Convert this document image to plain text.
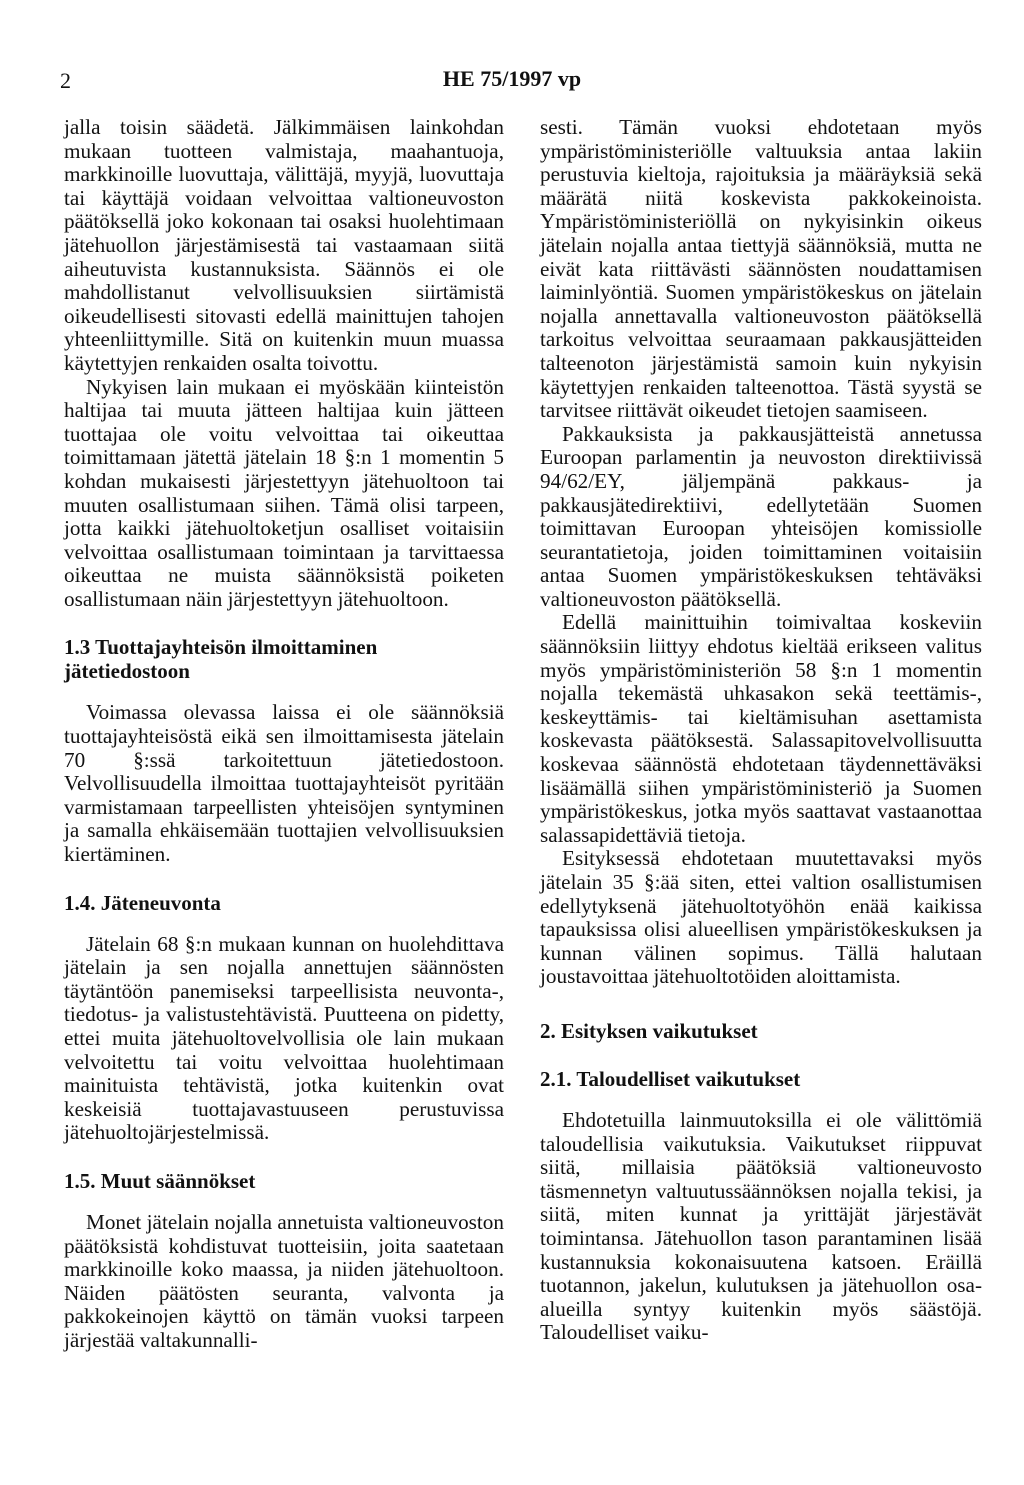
2	HE 75/1997 vp

jalla toisin säädetä. Jälkimmäisen lainkohdan mukaan tuotteen valmistaja, maahantuoja, markkinoille luovuttaja, välittäjä, myyjä, luovuttaja tai käyttäjä voidaan velvoittaa valtioneuvoston päätöksellä joko kokonaan tai osaksi huolehtimaan jätehuollon järjestämisestä tai vastaamaan siitä aiheutuvista kustannuksista. Säännös ei ole mahdollistanut velvollisuuksien siirtämistä oikeudellisesti sitovasti edellä mainittujen tahojen yhteenliittymille. Sitä on kuitenkin muun muassa käytettyjen renkaiden osalta toivottu.

Nykyisen lain mukaan ei myöskään kiinteistön haltijaa tai muuta jätteen haltijaa kuin jätteen tuottajaa ole voitu velvoittaa tai oikeuttaa toimittamaan jätettä jätelain 18 §:n 1 momentin 5 kohdan mukaisesti järjestettyyn jätehuoltoon tai muuten osallistumaan siihen. Tämä olisi tarpeen, jotta kaikki jätehuoltoketjun osalliset voitaisiin velvoittaa osallistumaan toimintaan ja tarvittaessa oikeuttaa ne muista säännöksistä poiketen osallistumaan näin järjestettyyn jätehuoltoon.

1.3 Tuottajayhteisön ilmoittaminen jätetiedostoon

Voimassa olevassa laissa ei ole säännöksiä tuottajayhteisöstä eikä sen ilmoittamisesta jätelain 70 §:ssä tarkoitettuun jätetiedostoon. Velvollisuudella ilmoittaa tuottajayhteisöt pyritään varmistamaan tarpeellisten yhteisöjen syntyminen ja samalla ehkäisemään tuottajien velvollisuuksien kiertäminen.

1.4. Jäteneuvonta

Jätelain 68 §:n mukaan kunnan on huolehdittava jätelain ja sen nojalla annettujen säännösten täytäntöön panemiseksi tarpeellisista neuvonta-, tiedotus- ja valistustehtävistä. Puutteena on pidetty, ettei muita jätehuoltovelvollisia ole lain mukaan velvoitettu tai voitu velvoittaa huolehtimaan mainituista tehtävistä, jotka kuitenkin ovat keskeisiä tuottajavastuuseen perustuvissa jätehuoltojärjestelmissä.

1.5. Muut säännökset

Monet jätelain nojalla annetuista valtioneuvoston päätöksistä kohdistuvat tuotteisiin, joita saatetaan markkinoille koko maassa, ja niiden jätehuoltoon. Näiden päätösten seuranta, valvonta ja pakkokeinojen käyttö on tämän vuoksi tarpeen järjestää valtakunnalli-

sesti. Tämän vuoksi ehdotetaan myös ympäristöministeriölle valtuuksia antaa lakiin perustuvia kieltoja, rajoituksia ja määräyksiä sekä määrätä niitä koskevista pakkokeinoista. Ympäristöministeriöllä on nykyisinkin oikeus jätelain nojalla antaa tiettyjä säännöksiä, mutta ne eivät kata riittävästi säännösten noudattamisen laiminlyöntiä. Suomen ympäristökeskus on jätelain nojalla annettavalla valtioneuvoston päätöksellä tarkoitus velvoittaa seuraamaan pakkausjätteiden talteenoton järjestämistä samoin kuin nykyisin käytettyjen renkaiden talteenottoa. Tästä syystä se tarvitsee riittävät oikeudet tietojen saamiseen.

Pakkauksista ja pakkausjätteistä annetussa Euroopan parlamentin ja neuvoston direktiivissä 94/62/EY, jäljempänä pakkaus- ja pakkausjätedirektiivi, edellytetään Suomen toimittavan Euroopan yhteisöjen komissiolle seurantatietoja, joiden toimittaminen voitaisiin antaa Suomen ympäristökeskuksen tehtäväksi valtioneuvoston päätöksellä.

Edellä mainittuihin toimivaltaa koskeviin säännöksiin liittyy ehdotus kieltää erikseen valitus myös ympäristöministeriön 58 §:n 1 momentin nojalla tekemästä uhkasakon sekä teettämis-, keskeyttämis- tai kieltämisuhan asettamista koskevasta päätöksestä. Salassapitovelvollisuutta koskevaa säännöstä ehdotetaan täydennettäväksi lisäämällä siihen ympäristöministeriö ja Suomen ympäristökeskus, jotka myös saattavat vastaanottaa salassapidettäviä tietoja.

Esityksessä ehdotetaan muutettavaksi myös jätelain 35 §:ää siten, ettei valtion osallistumisen edellytyksenä jätehuoltotyöhön enää kaikissa tapauksissa olisi alueellisen ympäristökeskuksen ja kunnan välinen sopimus. Tällä halutaan joustavoittaa jätehuoltotöiden aloittamista.

2. Esityksen vaikutukset
2.1. Taloudelliset vaikutukset

Ehdotetuilla lainmuutoksilla ei ole välittömiä taloudellisia vaikutuksia. Vaikutukset riippuvat siitä, millaisia päätöksiä valtioneuvosto täsmennetyn valtuutussäännöksen nojalla tekisi, ja siitä, miten kunnat ja yrittäjät järjestävät toimintansa. Jätehuollon tason parantaminen lisää kustannuksia kokonaisuutena katsoen. Eräillä tuotannon, jakelun, kulutuksen ja jätehuollon osa-alueilla syntyy kuitenkin myös säästöjä. Taloudelliset vaiku-
